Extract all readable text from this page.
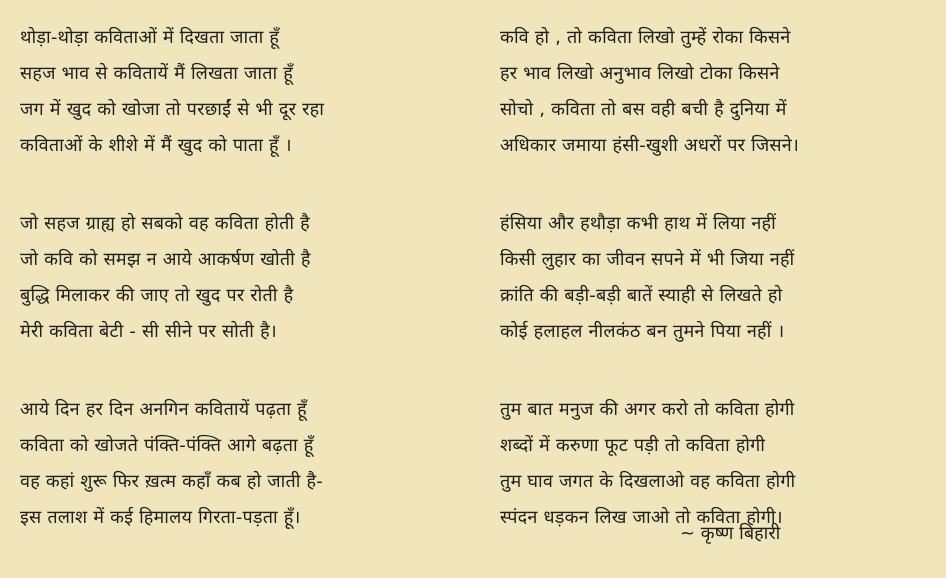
थोड़ा-थोड़ा कविताओं में दिखता जाता हूँ
सहज भाव से कवितायें मैं लिखता जाता हूँ
जग में खुद को खोजा तो परछाईं से भी दूर रहा
कविताओं के शीशे में मैं खुद को पाता हूँ ।
जो सहज ग्राह्य हो सबको वह कविता होती है
जो कवि को समझ न आये आकर्षण खोती है
बुद्धि मिलाकर की जाए तो खुद पर रोती है
मेरी कविता बेटी - सी सीने पर सोती है।
आये दिन हर दिन अनगिन कवितायें पढ़ता हूँ
कविता को खोजते पंक्ति-पंक्ति आगे बढ़ता हूँ
वह कहां शुरू फिर ख़त्म कहाँ कब हो जाती है-
इस तलाश में कई हिमालय गिरता-पड़ता हूँ।
कवि हो , तो कविता लिखो तुम्हें रोका किसने
हर भाव लिखो अनुभाव लिखो टोका किसने
सोचो , कविता तो बस वही बची है दुनिया में
अधिकार जमाया हंसी-खुशी अधरों पर जिसने।
हंसिया और हथौड़ा कभी हाथ में लिया नहीं
किसी लुहार का जीवन सपने में भी जिया नहीं
क्रांति की बड़ी-बड़ी बातें स्याही से लिखते हो
कोई हलाहल नीलकंठ बन तुमने पिया नहीं ।
तुम बात मनुज की अगर करो तो कविता होगी
शब्दों में करुणा फूट पड़ी तो कविता होगी
तुम घाव जगत के दिखलाओ वह कविता होगी
स्पंदन धड़कन लिख जाओ तो कविता होगी।
~ कृष्ण बिहारी
